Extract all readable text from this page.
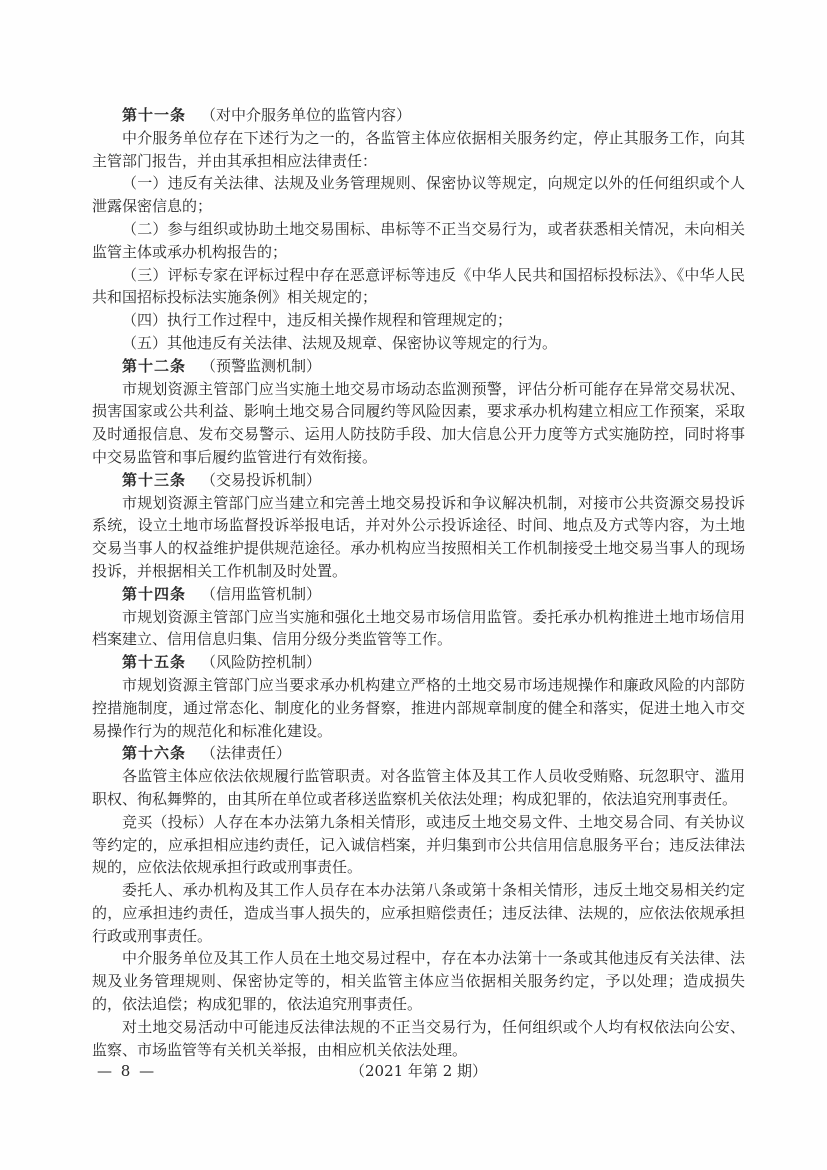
第十一条 （对中介服务单位的监管内容）

中介服务单位存在下述行为之一的，各监管主体应依据相关服务约定，停止其服务工作，向其主管部门报告，并由其承担相应法律责任：

（一）违反有关法律、法规及业务管理规则、保密协议等规定，向规定以外的任何组织或个人泄露保密信息的；

（二）参与组织或协助土地交易围标、串标等不正当交易行为，或者获悉相关情况，未向相关监管主体或承办机构报告的；

（三）评标专家在评标过程中存在恶意评标等违反《中华人民共和国招标投标法》、《中华人民共和国招标投标法实施条例》相关规定的；

（四）执行工作过程中，违反相关操作规程和管理规定的；

（五）其他违反有关法律、法规及规章、保密协议等规定的行为。

第十二条 （预警监测机制）

市规划资源主管部门应当实施土地交易市场动态监测预警，评估分析可能存在异常交易状况、损害国家或公共利益、影响土地交易合同履约等风险因素，要求承办机构建立相应工作预案，采取及时通报信息、发布交易警示、运用人防技防手段、加大信息公开力度等方式实施防控，同时将事中交易监管和事后履约监管进行有效衔接。

第十三条 （交易投诉机制）

市规划资源主管部门应当建立和完善土地交易投诉和争议解决机制，对接市公共资源交易投诉系统，设立土地市场监督投诉举报电话，并对外公示投诉途径、时间、地点及方式等内容，为土地交易当事人的权益维护提供规范途径。承办机构应当按照相关工作机制接受土地交易当事人的现场投诉，并根据相关工作机制及时处置。

第十四条 （信用监管机制）

市规划资源主管部门应当实施和强化土地交易市场信用监管。委托承办机构推进土地市场信用档案建立、信用信息归集、信用分级分类监管等工作。

第十五条 （风险防控机制）

市规划资源主管部门应当要求承办机构建立严格的土地交易市场违规操作和廉政风险的内部防控措施制度，通过常态化、制度化的业务督察，推进内部规章制度的健全和落实，促进土地入市交易操作行为的规范化和标准化建设。

第十六条 （法律责任）

各监管主体应依法依规履行监管职责。对各监管主体及其工作人员收受贿赂、玩忽职守、滥用职权、徇私舞弊的，由其所在单位或者移送监察机关依法处理；构成犯罪的，依法追究刑事责任。

竞买（投标）人存在本办法第九条相关情形，或违反土地交易文件、土地交易合同、有关协议等约定的，应承担相应违约责任，记入诚信档案，并归集到市公共信用信息服务平台；违反法律法规的，应依法依规承担行政或刑事责任。

委托人、承办机构及其工作人员存在本办法第八条或第十条相关情形，违反土地交易相关约定的，应承担违约责任，造成当事人损失的，应承担赔偿责任；违反法律、法规的，应依法依规承担行政或刑事责任。

中介服务单位及其工作人员在土地交易过程中，存在本办法第十一条或其他违反有关法律、法规及业务管理规则、保密协定等的，相关监管主体应当依据相关服务约定，予以处理；造成损失的，依法追偿；构成犯罪的，依法追究刑事责任。

对土地交易活动中可能违反法律法规的不正当交易行为，任何组织或个人均有权依法向公安、监察、市场监管等有关机关举报，由相应机关依法处理。

— 8 —	（2021 年第 2 期）
